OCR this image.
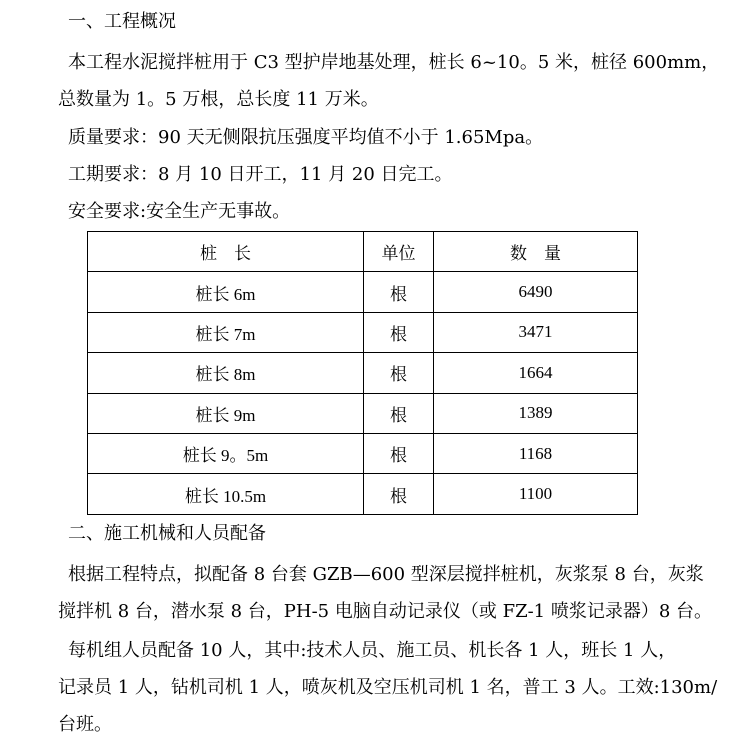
一、工程概况
本工程水泥搅拌桩用于 C3 型护岸地基处理，桩长 6~10。5 米，桩径 600mm，
总数量为 1。5 万根，总长度 11 万米。
质量要求：90 天无侧限抗压强度平均值不小于 1.65Mpa。
工期要求：8 月 10 日开工，11 月 20 日完工。
安全要求:安全生产无事故。
桩　长	单位	数　量
桩长 6m	根	6490
桩长 7m	根	3471
桩长 8m	根	1664
桩长 9m	根	1389
桩长 9。5m	根	1168
桩长 10.5m	根	1100
二、施工机械和人员配备
根据工程特点，拟配备 8 台套 GZB—600 型深层搅拌桩机，灰浆泵 8 台，灰浆
搅拌机 8 台，潜水泵 8 台，PH-5 电脑自动记录仪（或 FZ-1 喷浆记录器）8 台。
每机组人员配备 10 人，其中:技术人员、施工员、机长各 1 人，班长 1 人，
记录员 1 人，钻机司机 1 人，喷灰机及空压机司机 1 名，普工 3 人。工效:130m/
台班。
